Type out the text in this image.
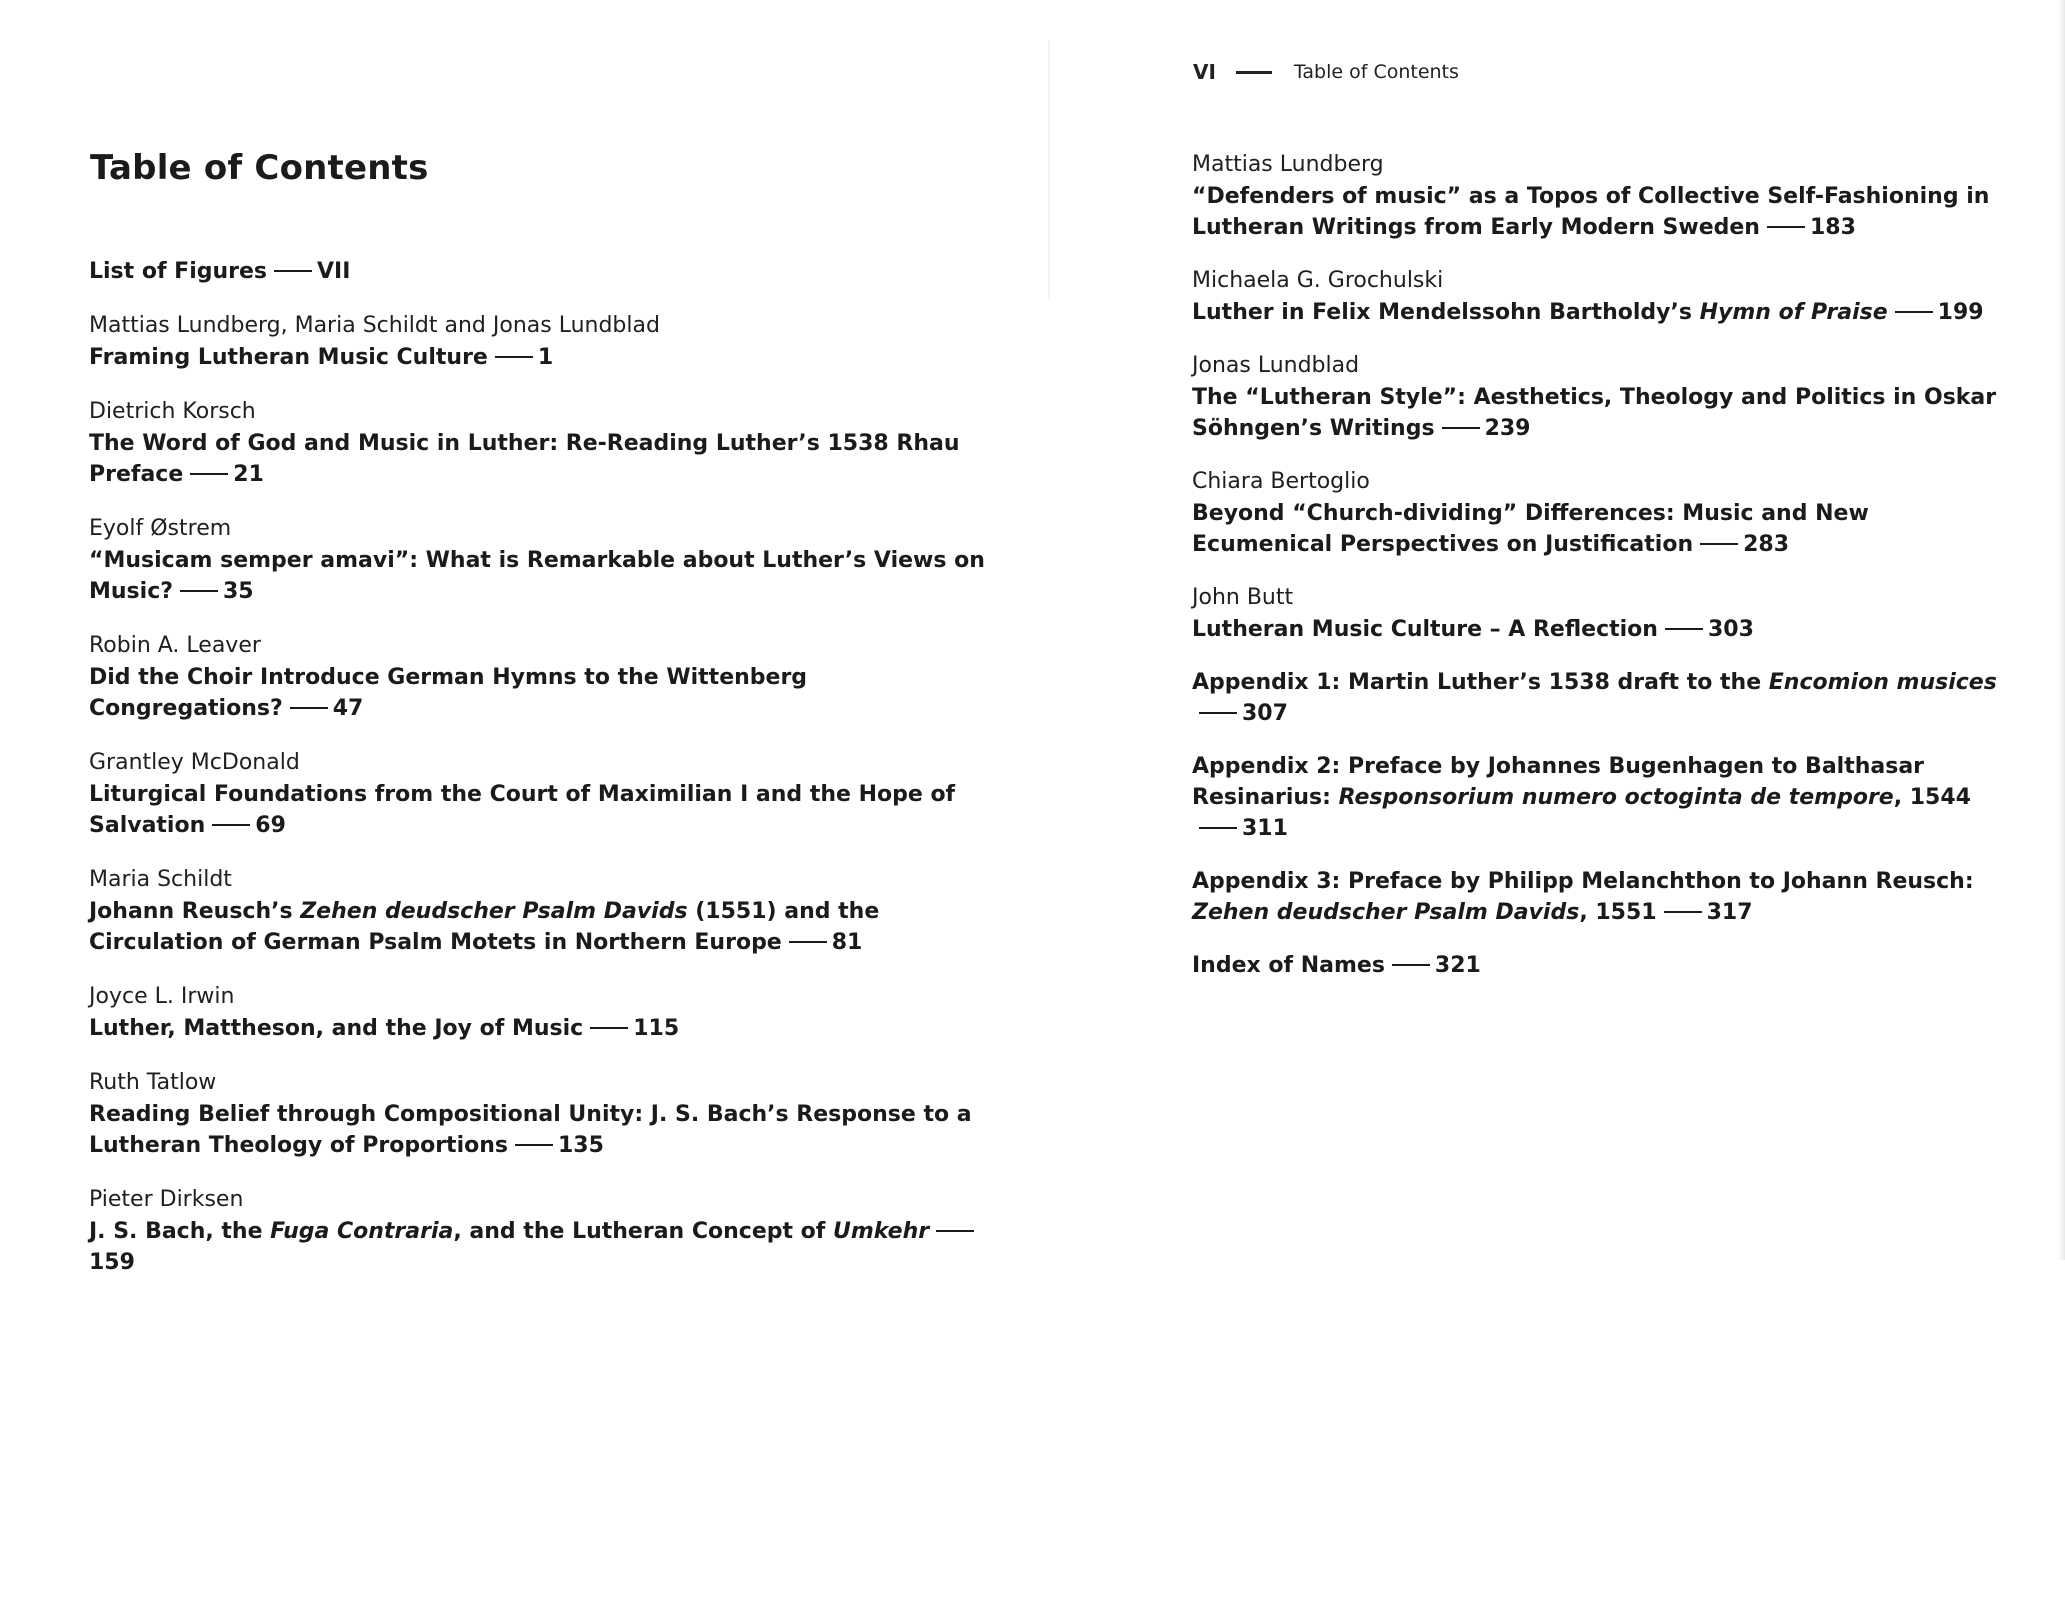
Table of Contents
List of Figures VII
Mattias Lundberg, Maria Schildt and Jonas Lundblad
Framing Lutheran Music Culture 1
Dietrich Korsch
The Word of God and Music in Luther: Re-Reading Luther’s 1538 Rhau Preface 21
Eyolf Østrem
“Musicam semper amavi”: What is Remarkable about Luther’s Views on Music? 35
Robin A. Leaver
Did the Choir Introduce German Hymns to the Wittenberg Congregations? 47
Grantley McDonald
Liturgical Foundations from the Court of Maximilian I and the Hope of Salvation 69
Maria Schildt
Johann Reusch’s Zehen deudscher Psalm Davids (1551) and the Circulation of German Psalm Motets in Northern Europe 81
Joyce L. Irwin
Luther, Mattheson, and the Joy of Music 115
Ruth Tatlow
Reading Belief through Compositional Unity: J. S. Bach’s Response to a Lutheran Theology of Proportions 135
Pieter Dirksen
J. S. Bach, the Fuga Contraria, and the Lutheran Concept of Umkehr159
VI	Table of Contents
Mattias Lundberg
“Defenders of music” as a Topos of Collective Self-Fashioning in Lutheran Writings from Early Modern Sweden 183
Michaela G. Grochulski
Luther in Felix Mendelssohn Bartholdy’s Hymn of Praise 199
Jonas Lundblad
The “Lutheran Style”: Aesthetics, Theology and Politics in Oskar Söhngen’s Writings 239
Chiara Bertoglio
Beyond “Church-dividing” Differences: Music and New Ecumenical Perspectives on Justification 283
John Butt
Lutheran Music Culture – A Reflection 303
Appendix 1: Martin Luther’s 1538 draft to the Encomion musices307
Appendix 2: Preface by Johannes Bugenhagen to Balthasar Resinarius: Responsorium numero octoginta de tempore, 1544311
Appendix 3: Preface by Philipp Melanchthon to Johann Reusch: Zehen deudscher Psalm Davids, 1551 317
Index of Names 321
